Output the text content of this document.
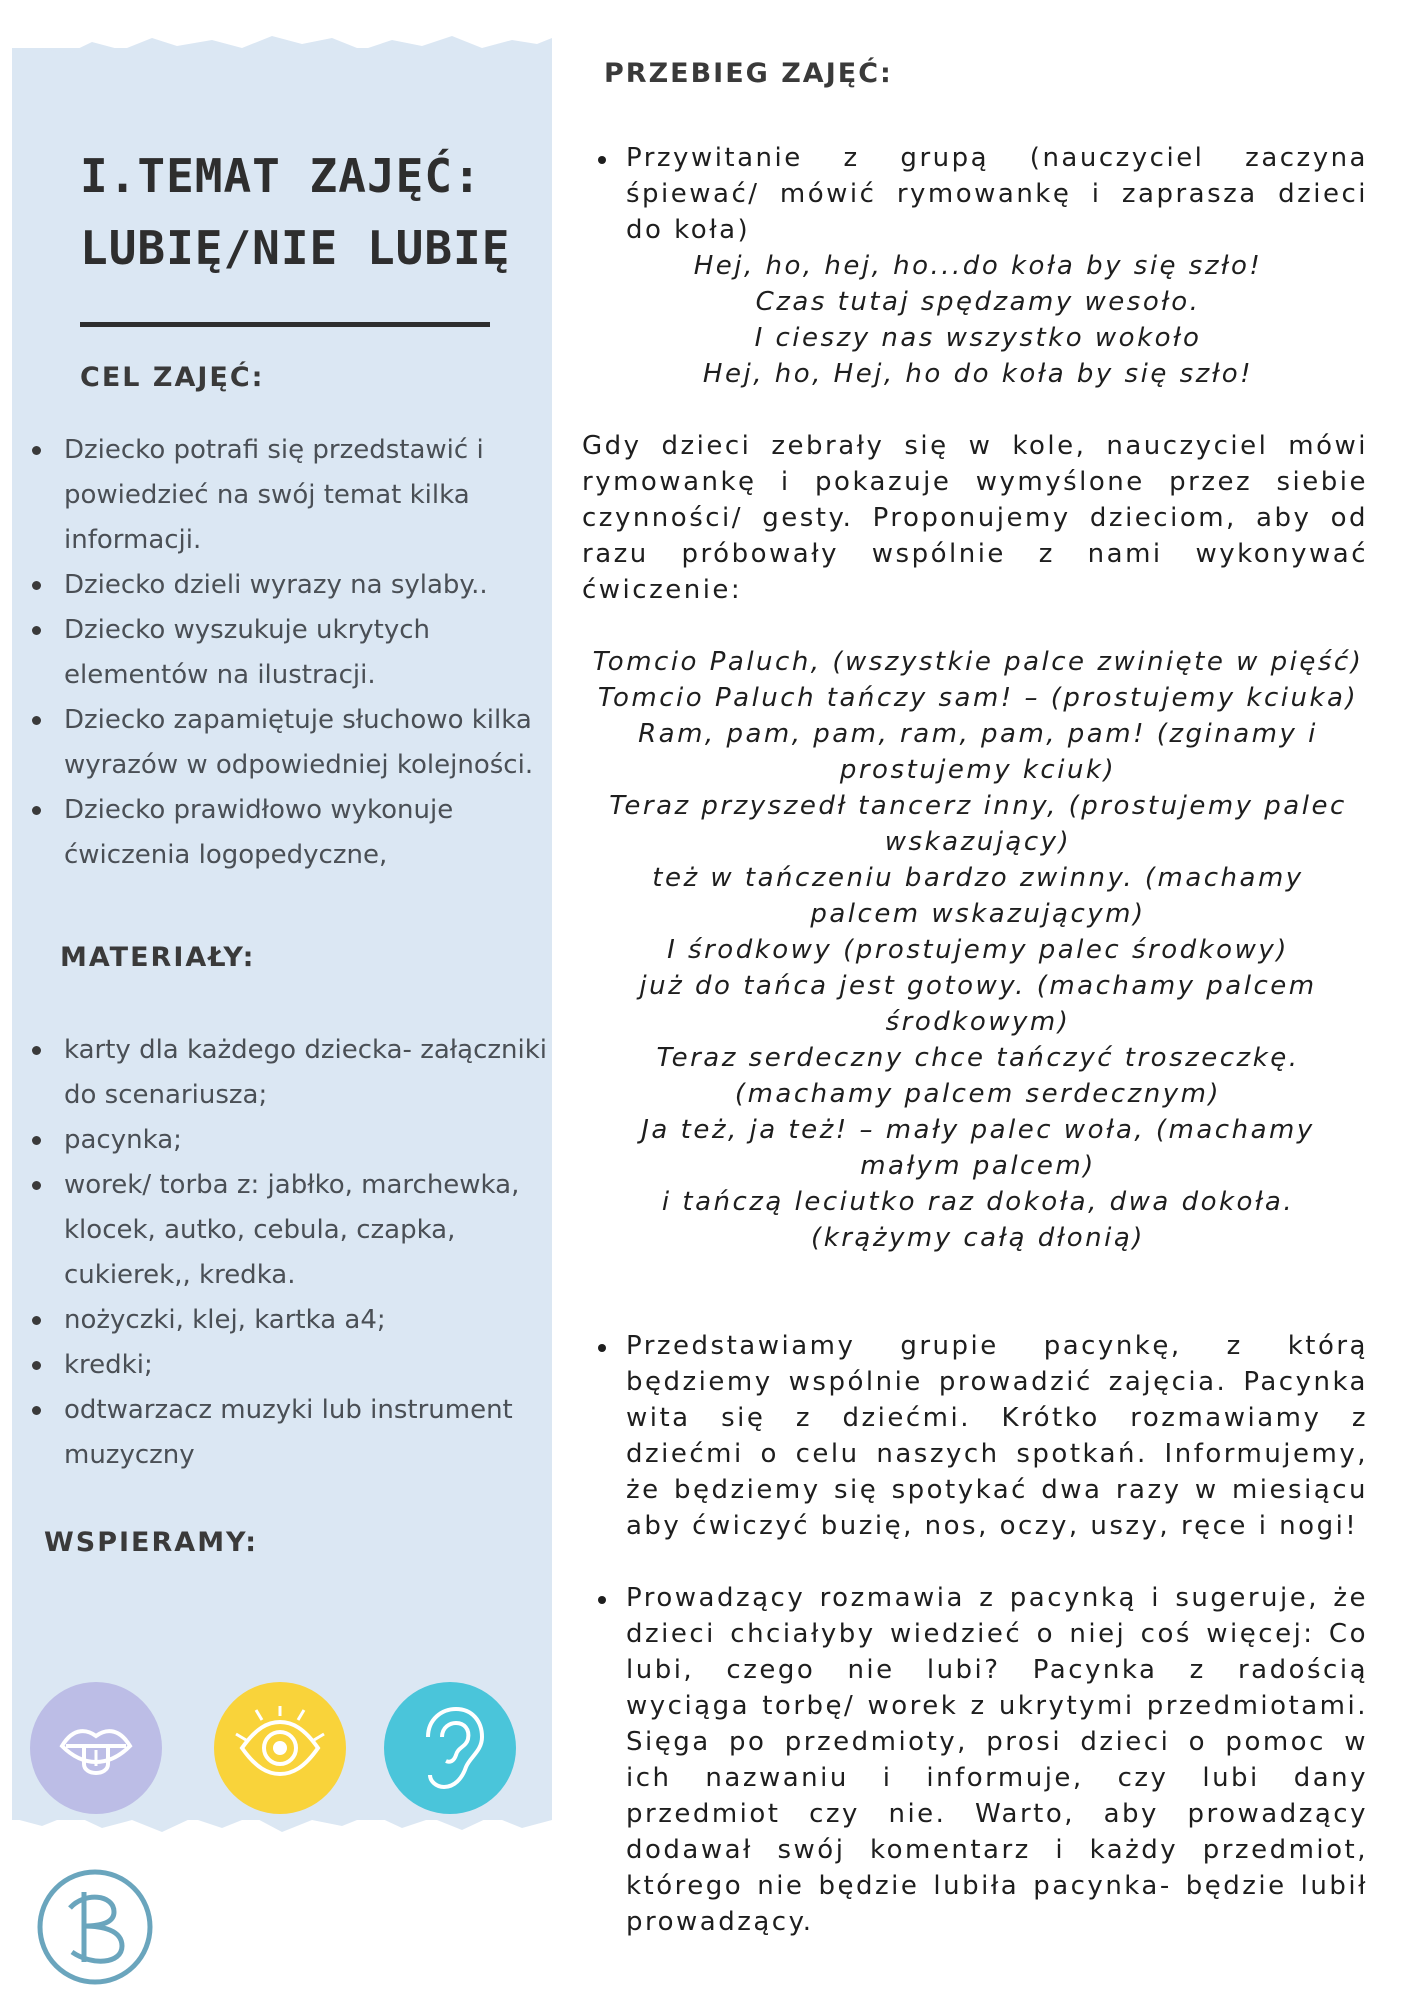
I.TEMAT ZAJĘĆ:
LUBIĘ/NIE LUBIĘ
CEL ZAJĘĆ:
Dziecko potrafi się przedstawić i
powiedzieć na swój temat kilka
informacji.
Dziecko dzieli wyrazy na sylaby..
Dziecko wyszukuje ukrytych
elementów na ilustracji.
Dziecko zapamiętuje słuchowo kilka
wyrazów w odpowiedniej kolejności.
Dziecko prawidłowo wykonuje
ćwiczenia logopedyczne,
MATERIAŁY:
karty dla każdego dziecka- załączniki
do scenariusza;
pacynka;
worek/ torba z: jabłko, marchewka,
klocek, autko, cebula, czapka,
cukierek,, kredka.
nożyczki, klej, kartka a4;
kredki;
odtwarzacz muzyki lub instrument
muzyczny
WSPIERAMY:
PRZEBIEG ZAJĘĆ:
Przywitanie z grupą (nauczyciel zaczyna
śpiewać/ mówić rymowankę i zaprasza dzieci
do koła)
Hej, ho, hej, ho...do koła by się szło!
Czas tutaj spędzamy wesoło.
I cieszy nas wszystko wokoło
Hej, ho, Hej, ho do koła by się szło!
Gdy dzieci zebrały się w kole, nauczyciel mówi
rymowankę i pokazuje wymyślone przez siebie
czynności/ gesty. Proponujemy dzieciom, aby od
razu próbowały wspólnie z nami wykonywać
ćwiczenie:
Tomcio Paluch, (wszystkie palce zwinięte w pięść)
Tomcio Paluch tańczy sam! – (prostujemy kciuka)
Ram, pam, pam, ram, pam, pam! (zginamy i
prostujemy kciuk)
Teraz przyszedł tancerz inny, (prostujemy palec
wskazujący)
też w tańczeniu bardzo zwinny. (machamy
palcem wskazującym)
I środkowy (prostujemy palec środkowy)
już do tańca jest gotowy. (machamy palcem
środkowym)
Teraz serdeczny chce tańczyć troszeczkę.
(machamy palcem serdecznym)
Ja też, ja też! – mały palec woła, (machamy
małym palcem)
i tańczą leciutko raz dokoła, dwa dokoła.
(krążymy całą dłonią)
Przedstawiamy grupie pacynkę, z którą
będziemy wspólnie prowadzić zajęcia. Pacynka
wita się z dziećmi. Krótko rozmawiamy z
dziećmi o celu naszych spotkań. Informujemy,
że będziemy się spotykać dwa razy w miesiącu
aby ćwiczyć buzię, nos, oczy, uszy, ręce i nogi!
Prowadzący rozmawia z pacynką i sugeruje, że
dzieci chciałyby wiedzieć o niej coś więcej: Co
lubi, czego nie lubi? Pacynka z radością
wyciąga torbę/ worek z ukrytymi przedmiotami.
Sięga po przedmioty, prosi dzieci o pomoc w
ich nazwaniu i informuje, czy lubi dany
przedmiot czy nie. Warto, aby prowadzący
dodawał swój komentarz i każdy przedmiot,
którego nie będzie lubiła pacynka- będzie lubił
prowadzący.
